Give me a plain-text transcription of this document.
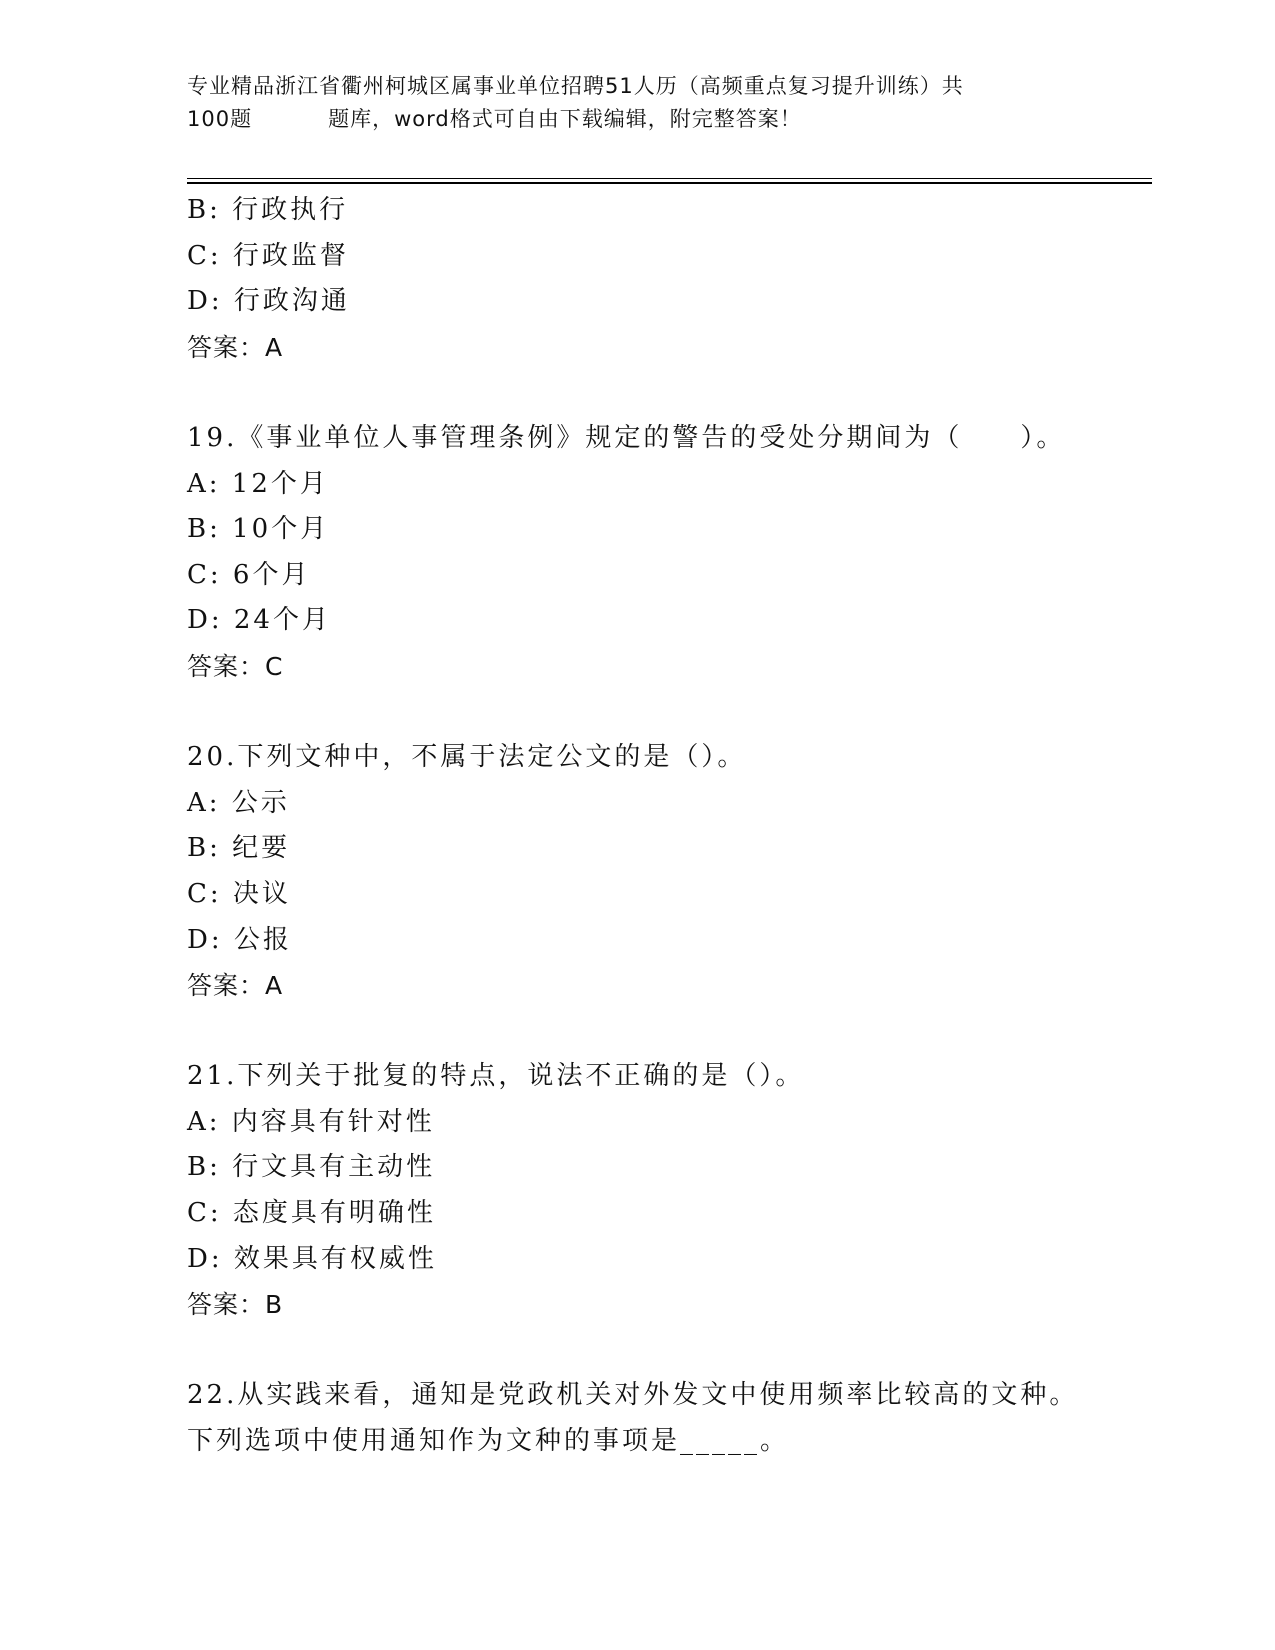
专业精品浙江省衢州柯城区属事业单位招聘51人历（高频重点复习提升训练）共
100题	题库，word格式可自由下载编辑，附完整答案！
B: 行政执行
C: 行政监督
D: 行政沟通
答案：A
19.《事业单位人事管理条例》规定的警告的受处分期间为（　　）。
A: 12个月
B: 10个月
C: 6个月
D: 24个月
答案：C
20.下列文种中，不属于法定公文的是（）。
A: 公示
B: 纪要
C: 决议
D: 公报
答案：A
21.下列关于批复的特点，说法不正确的是（）。
A: 内容具有针对性
B: 行文具有主动性
C: 态度具有明确性
D: 效果具有权威性
答案：B
22.从实践来看，通知是党政机关对外发文中使用频率比较高的文种。
下列选项中使用通知作为文种的事项是_____。
